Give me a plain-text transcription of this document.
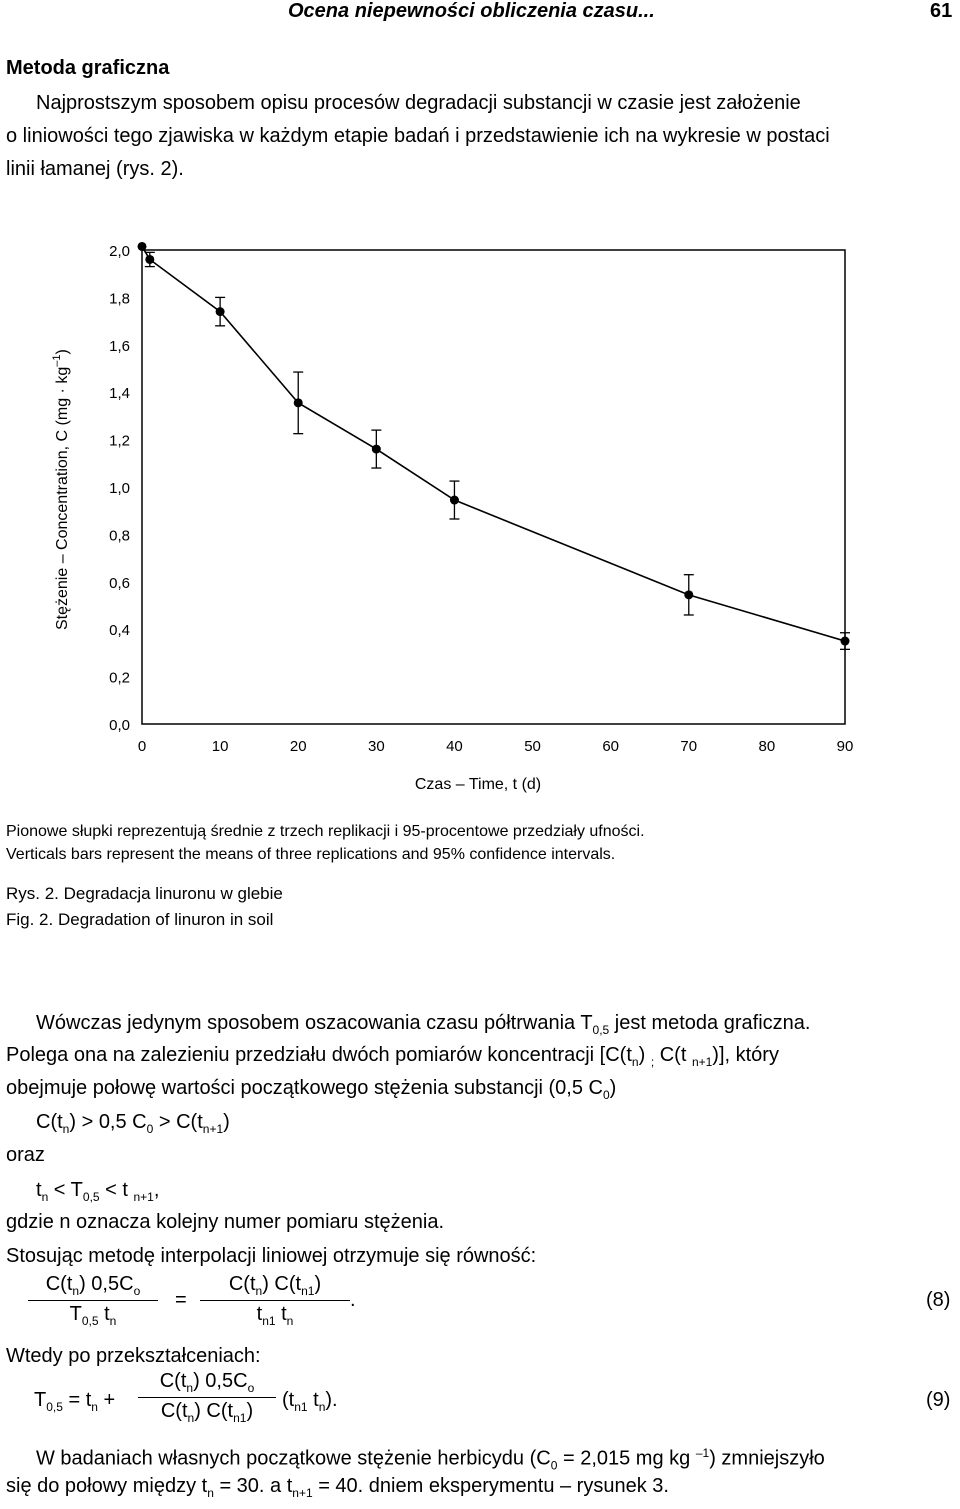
Ocena niepewności obliczenia czasu...	61
Metoda graficzna
Najprostszym sposobem opisu procesów degradacji substancji w czasie jest założenie
o liniowości tego zjawiska w każdym etapie badań i przedstawienie ich na wykresie w postaci
linii łamanej (rys. 2).
0,0
0,2
0,4
0,6
0,8
1,0
1,2
1,4
1,6
1,8
2,0
0	10	20	30	40	50	60	70	80	90
Czas – Time, t (d)
Stężenie – Concentration, C $(mg \cdot kg^{-1})$
Pionowe słupki reprezentują średnie z trzech replikacji i 95-procentowe przedziały ufności.
Verticals bars represent the means of three replications and 95% confidence intervals.
Rys. 2. Degradacja linuronu w glebie
Fig. 2. Degradation of linuron in soil
Wówczas jedynym sposobem oszacowania czasu półtrwania $T_{0,5}$ jest metoda graficzna.
Polega ona na zalezieniu przedziału dwóch pomiarów koncentracji [$C(t_n)$ $_;$ C(t $_{n+1}$)], który
obejmuje połowę wartości początkowego stężenia substancji (0,5 $C_0$)
$C(t_n) > 0,5$ $C_0 > C(t_{n+1})$
oraz
$t_n < T_{0,5} < t$ $_{n+1}$,
gdzie n oznacza kolejny numer pomiaru stężenia.
Stosując metodę interpolacji liniowej otrzymuje się równość:
$C(t_n)$ $0,5C_o$
$T_{0,5}$ $t_n$
=
$C(t_n)$ $C(t_{n1})$
$t_{n1}$ $t_n$
.	(8)
Wtedy po przekształceniach:
$T_{0,5} = t_n$ +
$C(t_n)$ $0,5C_o$
$C(t_n)$ $C(t_{n1})$	($t_{n1}$ $t_n$).	(9)
W badaniach własnych początkowe stężenie herbicydu ($C_0 = 2,015$ mg kg $^{-1}$) zmniejszyło
się do połowy między $t_n = 30$. a $t_{n+1} = 40$. dniem eksperymentu – rysunek 3.
